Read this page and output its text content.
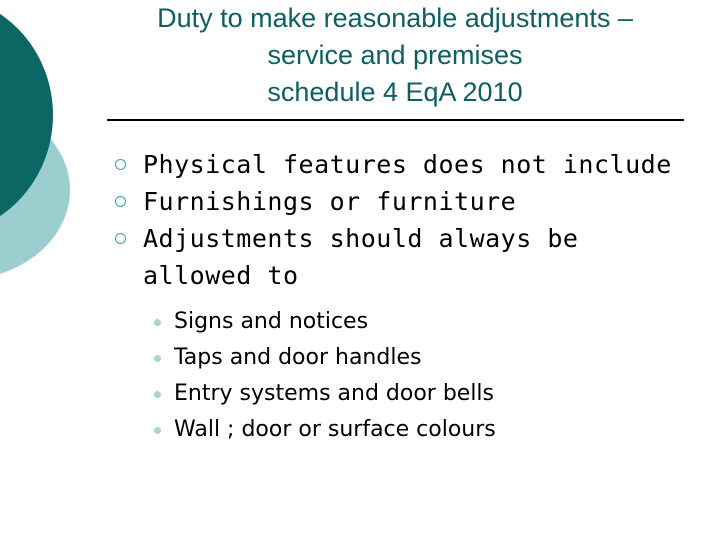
Duty to make reasonable adjustments –
service and premises
schedule 4 EqA 2010
Physical features does not include
Furnishings or furniture
Adjustments should always be allowed to
Signs and notices
Taps and door handles
Entry systems and door bells
Wall ; door or surface colours
